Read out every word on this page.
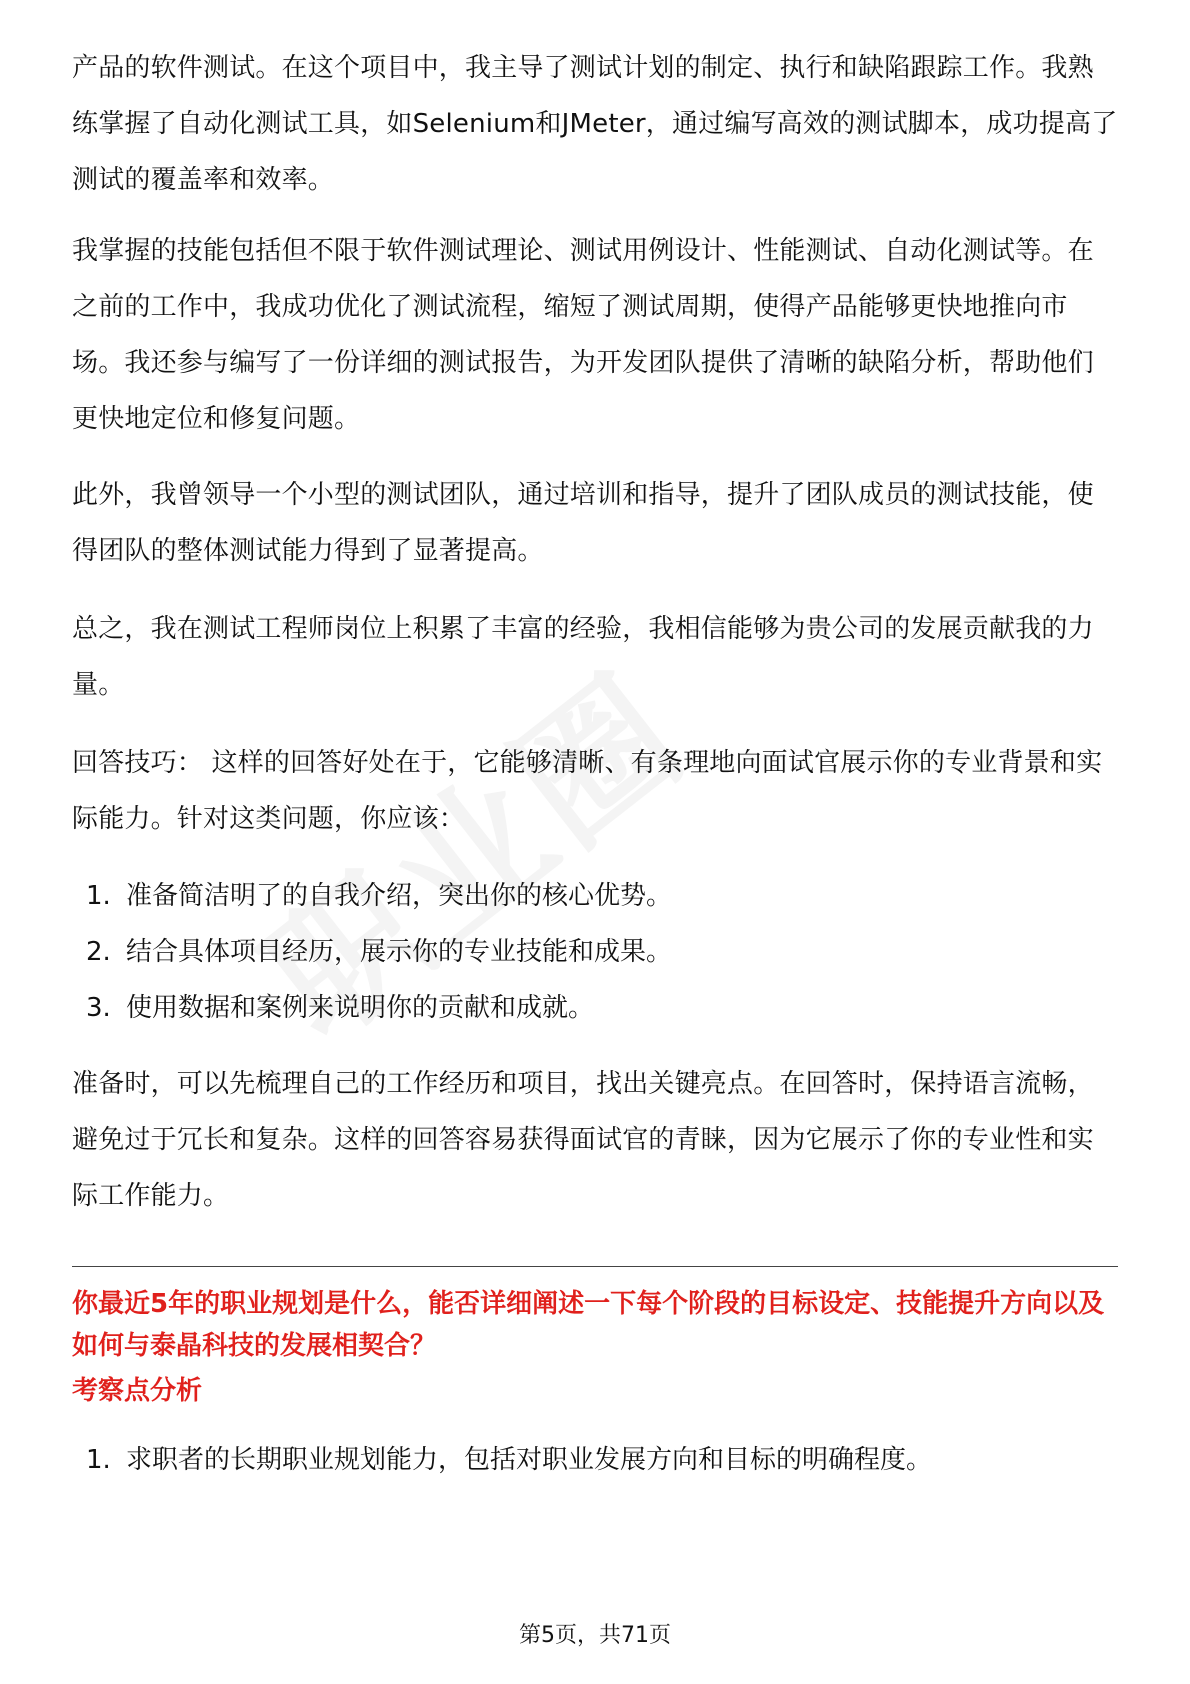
产品的软件测试。在这个项目中，我主导了测试计划的制定、执行和缺陷跟踪工作。我熟练掌握了自动化测试工具，如Selenium和JMeter，通过编写高效的测试脚本，成功提高了测试的覆盖率和效率。

我掌握的技能包括但不限于软件测试理论、测试用例设计、性能测试、自动化测试等。在之前的工作中，我成功优化了测试流程，缩短了测试周期，使得产品能够更快地推向市场。我还参与编写了一份详细的测试报告，为开发团队提供了清晰的缺陷分析，帮助他们更快地定位和修复问题。

此外，我曾领导一个小型的测试团队，通过培训和指导，提升了团队成员的测试技能，使得团队的整体测试能力得到了显著提高。

总之，我在测试工程师岗位上积累了丰富的经验，我相信能够为贵公司的发展贡献我的力量。

回答技巧： 这样的回答好处在于，它能够清晰、有条理地向面试官展示你的专业背景和实际能力。针对这类问题，你应该：

1. 准备简洁明了的自我介绍，突出你的核心优势。
2. 结合具体项目经历，展示你的专业技能和成果。
3. 使用数据和案例来说明你的贡献和成就。

准备时，可以先梳理自己的工作经历和项目，找出关键亮点。在回答时，保持语言流畅，避免过于冗长和复杂。这样的回答容易获得面试官的青睐，因为它展示了你的专业性和实际工作能力。

你最近5年的职业规划是什么，能否详细阐述一下每个阶段的目标设定、技能提升方向以及如何与泰晶科技的发展相契合？

考察点分析

1. 求职者的长期职业规划能力，包括对职业发展方向和目标的明确程度。
第5页，共71页
